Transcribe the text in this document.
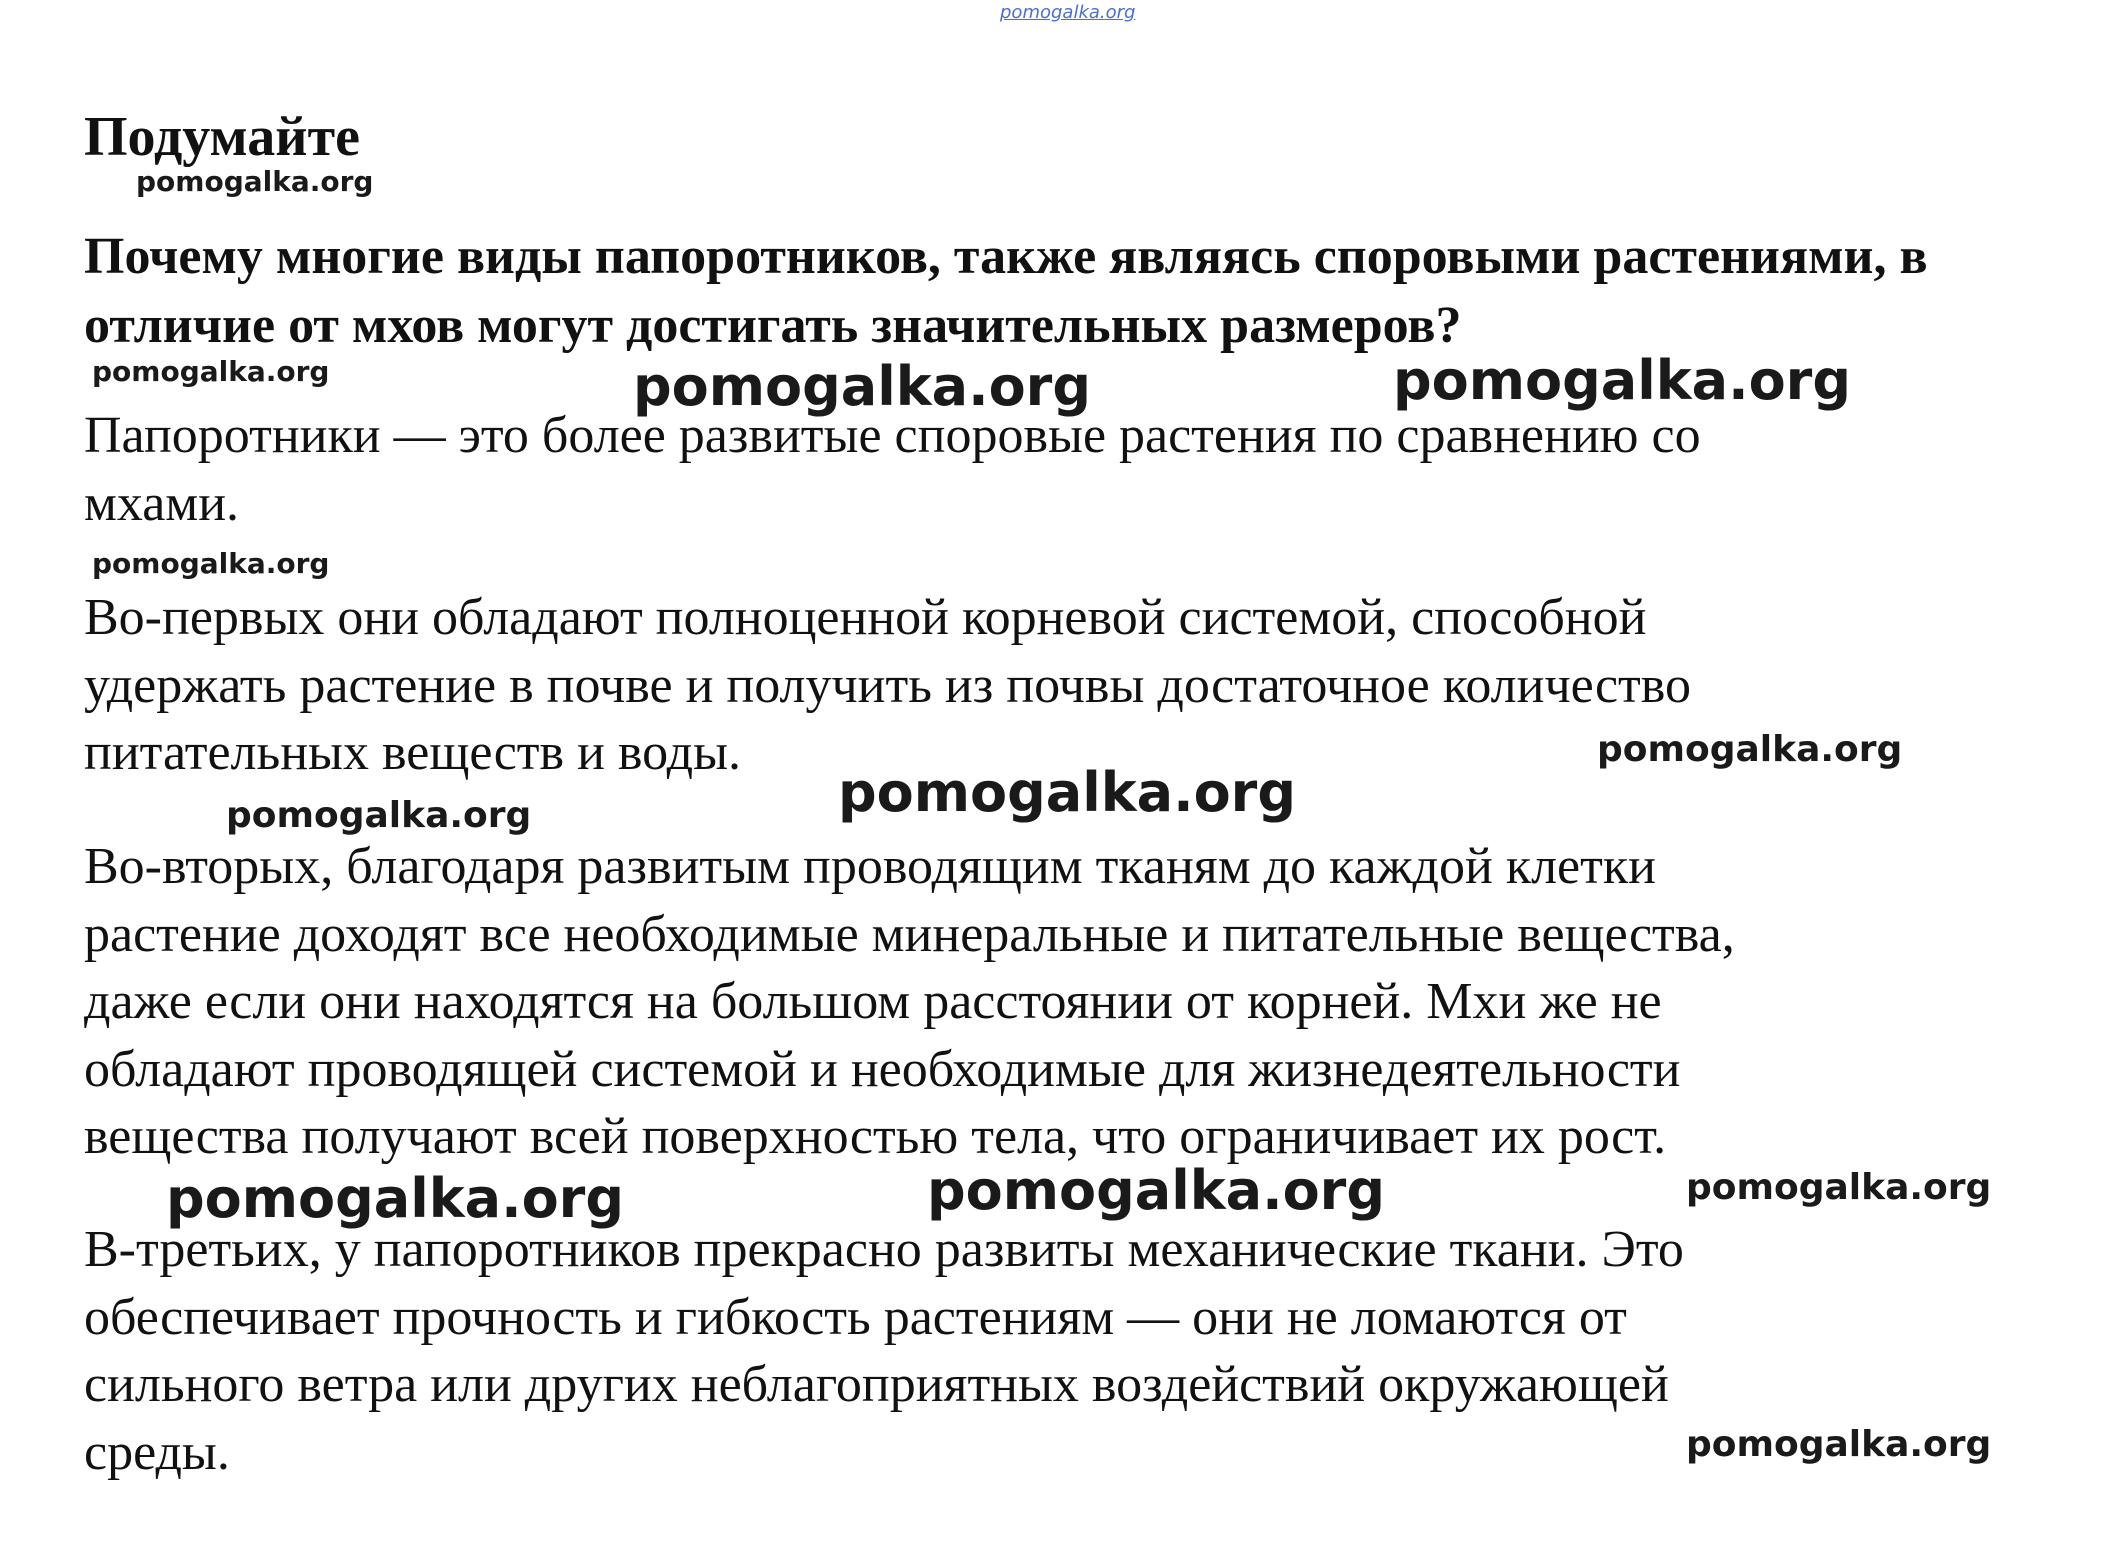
pomogalka.org
Подумайте
pomogalka.org

Почему многие виды папоротников, также являясь споровыми растениями, в отличие от мхов могут достигать значительных размеров?

pomogalka.org	pomogalka.org	pomogalka.org
Папоротники — это более развитые споровые растения по сравнению со
мхами.
pomogalka.org
Во-первых они обладают полноценной корневой системой, способной
удержать растение в почве и получить из почвы достаточное количество
питательных веществ и воды.	pomogalka.org
pomogalka.org
pomogalka.org
Во-вторых, благодаря развитым проводящим тканям до каждой клетки
растение доходят все необходимые минеральные и питательные вещества,
даже если они находятся на большом расстоянии от корней. Мхи же не
обладают проводящей системой и необходимые для жизнедеятельности
вещества получают всей поверхностью тела, что ограничивает их рост.
pomogalka.org	pomogalka.org	pomogalka.org
В-третьих, у папоротников прекрасно развиты механические ткани. Это
обеспечивает прочность и гибкость растениям — они не ломаются от
сильного ветра или других неблагоприятных воздействий окружающей
среды.	pomogalka.org
